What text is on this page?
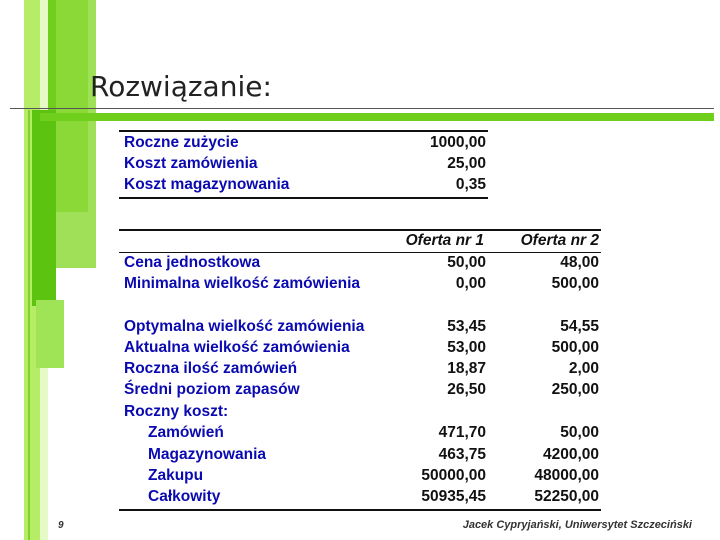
Rozwiązanie:
Roczne zużycie	1000,00
Koszt zamówienia	25,00
Koszt magazynowania	0,35
Oferta nr 1 Oferta nr 2
Cena jednostkowa	50,00	48,00
Minimalna wielkość zamówienia	0,00	500,00
Optymalna wielkość zamówienia	53,45	54,55
Aktualna wielkość zamówienia	53,00	500,00
Roczna ilość zamówień	18,87	2,00
Średni poziom zapasów	26,50	250,00
Roczny koszt:
Zamówień	471,70	50,00
Magazynowania	463,75	4200,00
Zakupu	50000,00	48000,00
Całkowity	50935,45	52250,00
9	Jacek Cypryjański, Uniwersytet Szczeciński
